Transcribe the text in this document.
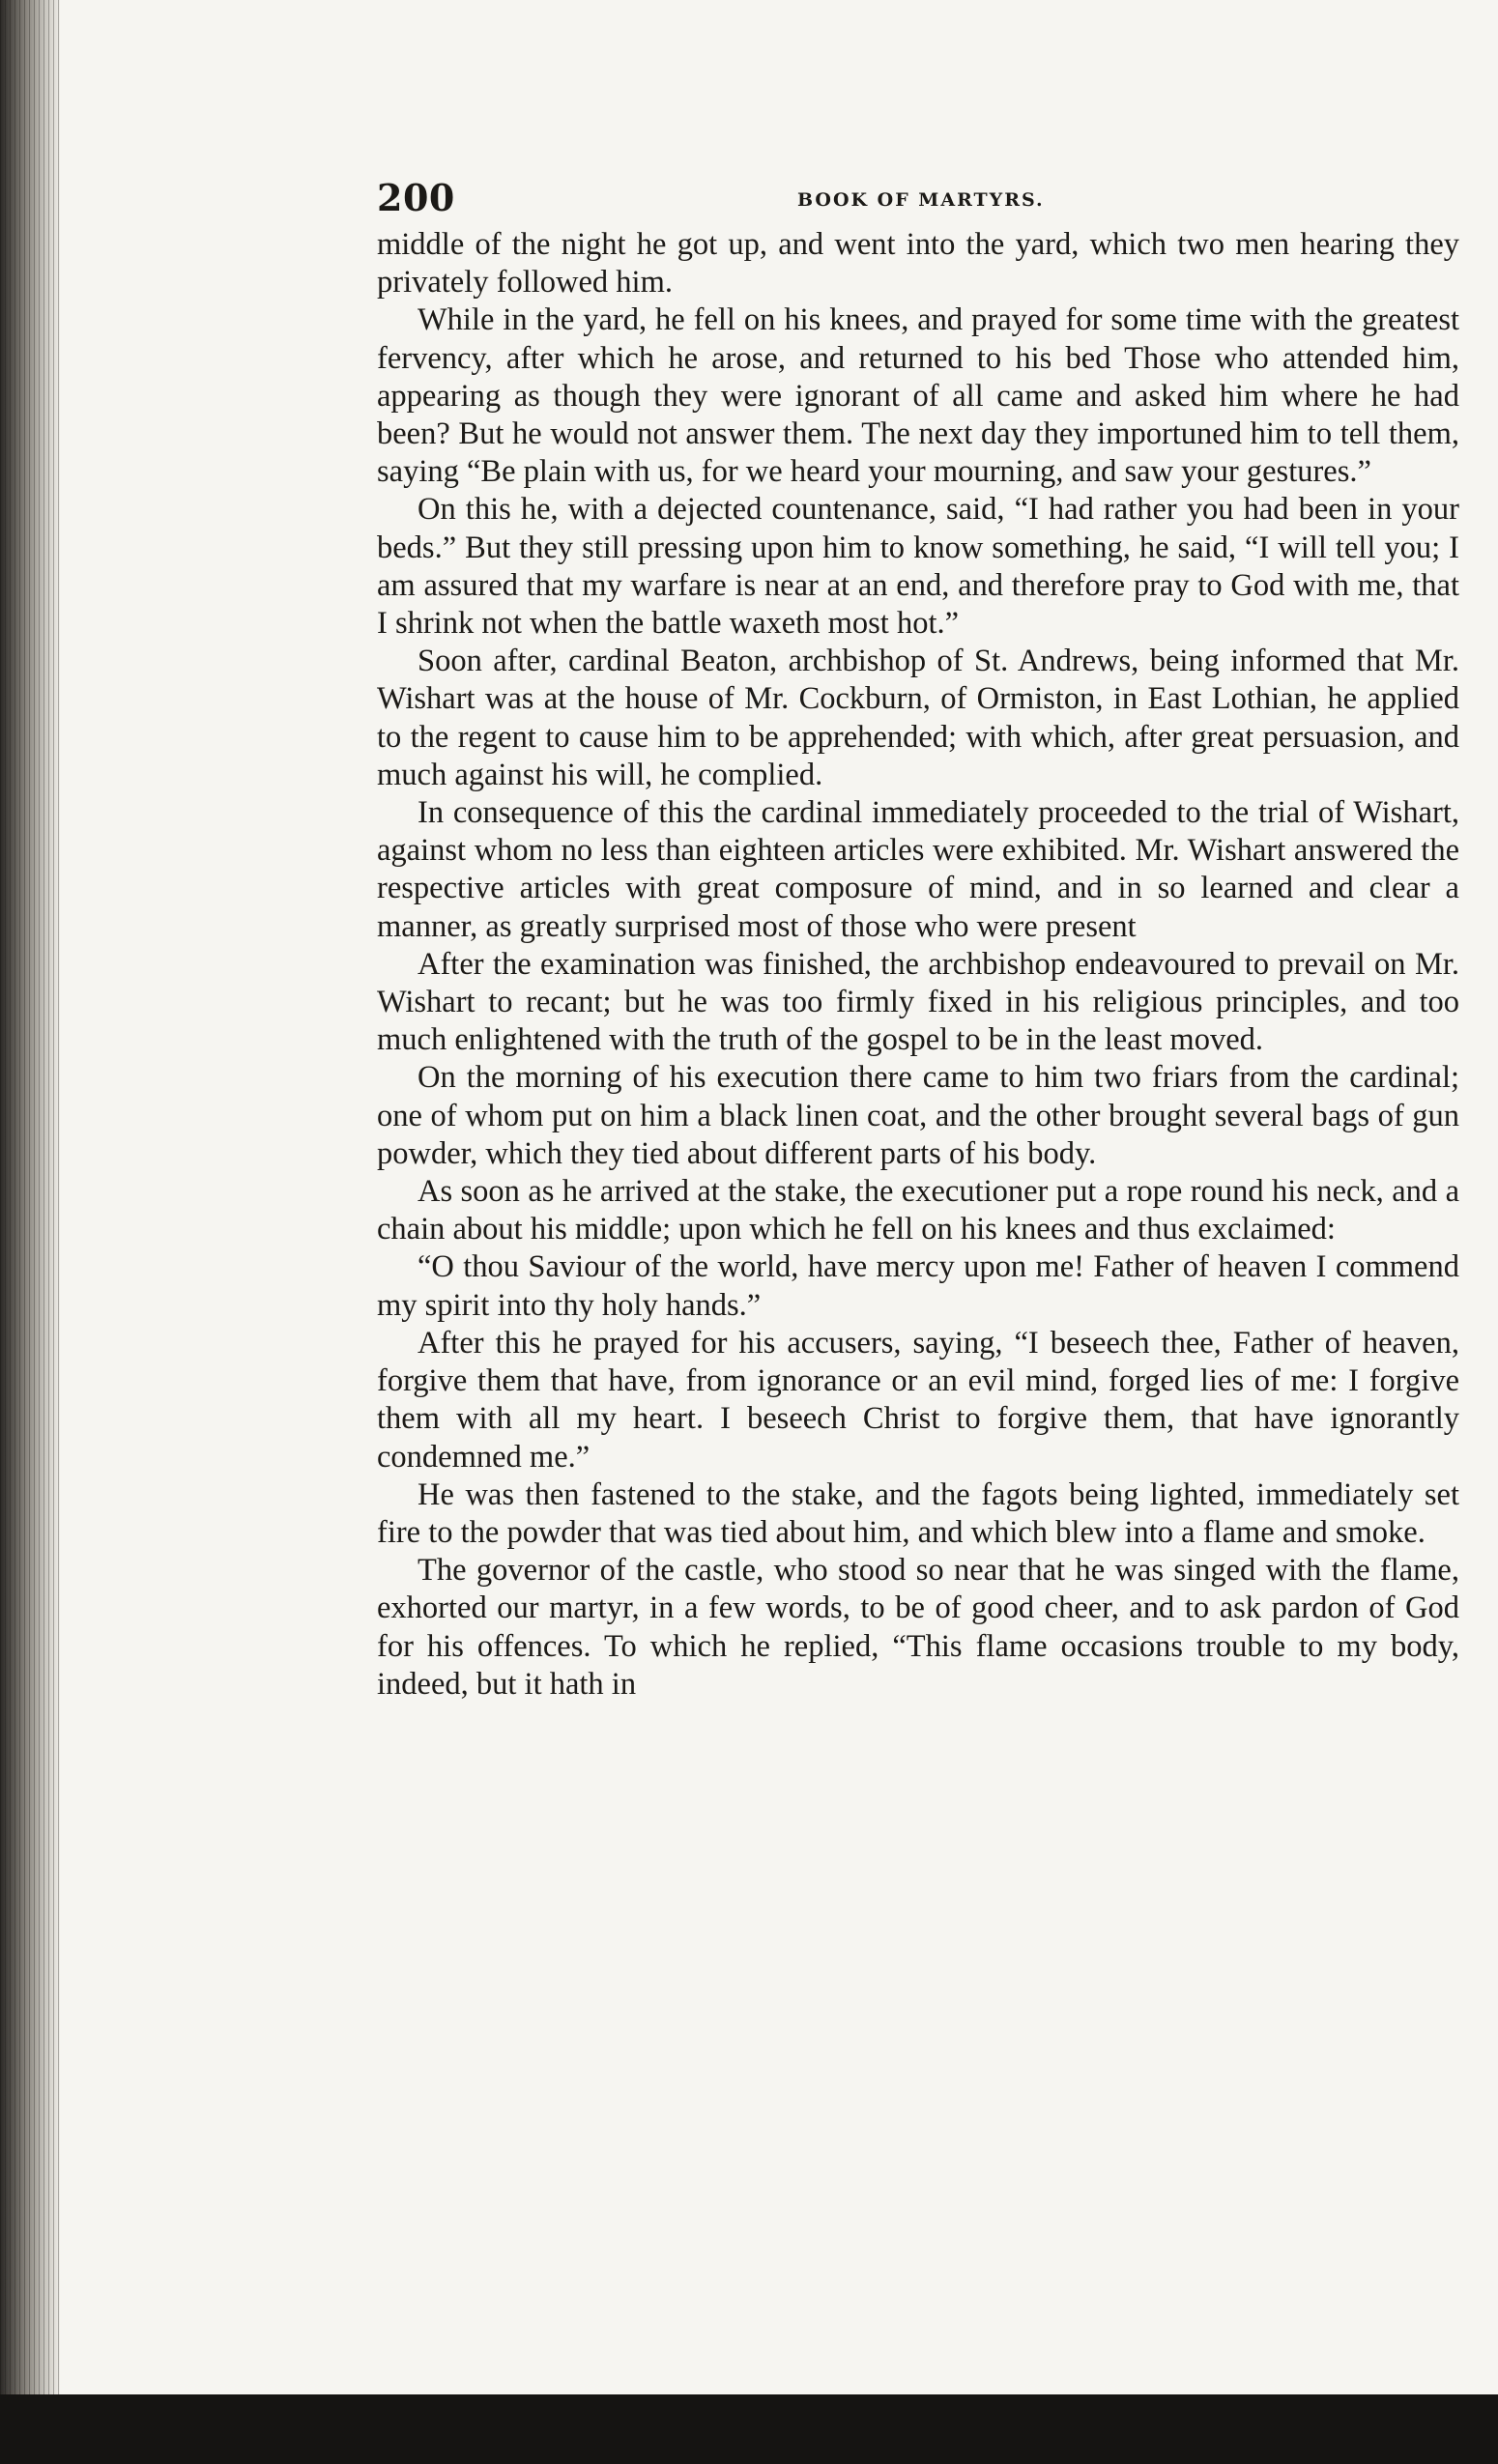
200	BOOK OF MARTYRS.

middle of the night he got up, and went into the yard, which two men hearing they privately followed him.

While in the yard, he fell on his knees, and prayed for some time with the greatest fervency, after which he arose, and returned to his bed Those who attended him, appearing as though they were ignorant of all came and asked him where he had been? But he would not answer them. The next day they importuned him to tell them, saying “Be plain with us, for we heard your mourning, and saw your gestures.”

On this he, with a dejected countenance, said, “I had rather you had been in your beds.” But they still pressing upon him to know something, he said, “I will tell you; I am assured that my warfare is near at an end, and therefore pray to God with me, that I shrink not when the battle waxeth most hot.”

Soon after, cardinal Beaton, archbishop of St. Andrews, being informed that Mr. Wishart was at the house of Mr. Cockburn, of Ormiston, in East Lothian, he applied to the regent to cause him to be apprehended; with which, after great persuasion, and much against his will, he complied.

In consequence of this the cardinal immediately proceeded to the trial of Wishart, against whom no less than eighteen articles were exhibited. Mr. Wishart answered the respective articles with great composure of mind, and in so learned and clear a manner, as greatly surprised most of those who were present

After the examination was finished, the archbishop endeavoured to prevail on Mr. Wishart to recant; but he was too firmly fixed in his religious principles, and too much enlightened with the truth of the gospel to be in the least moved.

On the morning of his execution there came to him two friars from the cardinal; one of whom put on him a black linen coat, and the other brought several bags of gun powder, which they tied about different parts of his body.

As soon as he arrived at the stake, the executioner put a rope round his neck, and a chain about his middle; upon which he fell on his knees and thus exclaimed:

“O thou Saviour of the world, have mercy upon me! Father of heaven I commend my spirit into thy holy hands.”

After this he prayed for his accusers, saying, “I beseech thee, Father of heaven, forgive them that have, from ignorance or an evil mind, forged lies of me: I forgive them with all my heart. I beseech Christ to forgive them, that have ignorantly condemned me.”

He was then fastened to the stake, and the fagots being lighted, immediately set fire to the powder that was tied about him, and which blew into a flame and smoke.

The governor of the castle, who stood so near that he was singed with the flame, exhorted our martyr, in a few words, to be of good cheer, and to ask pardon of God for his offences. To which he replied, “This flame occasions trouble to my body, indeed, but it hath in
